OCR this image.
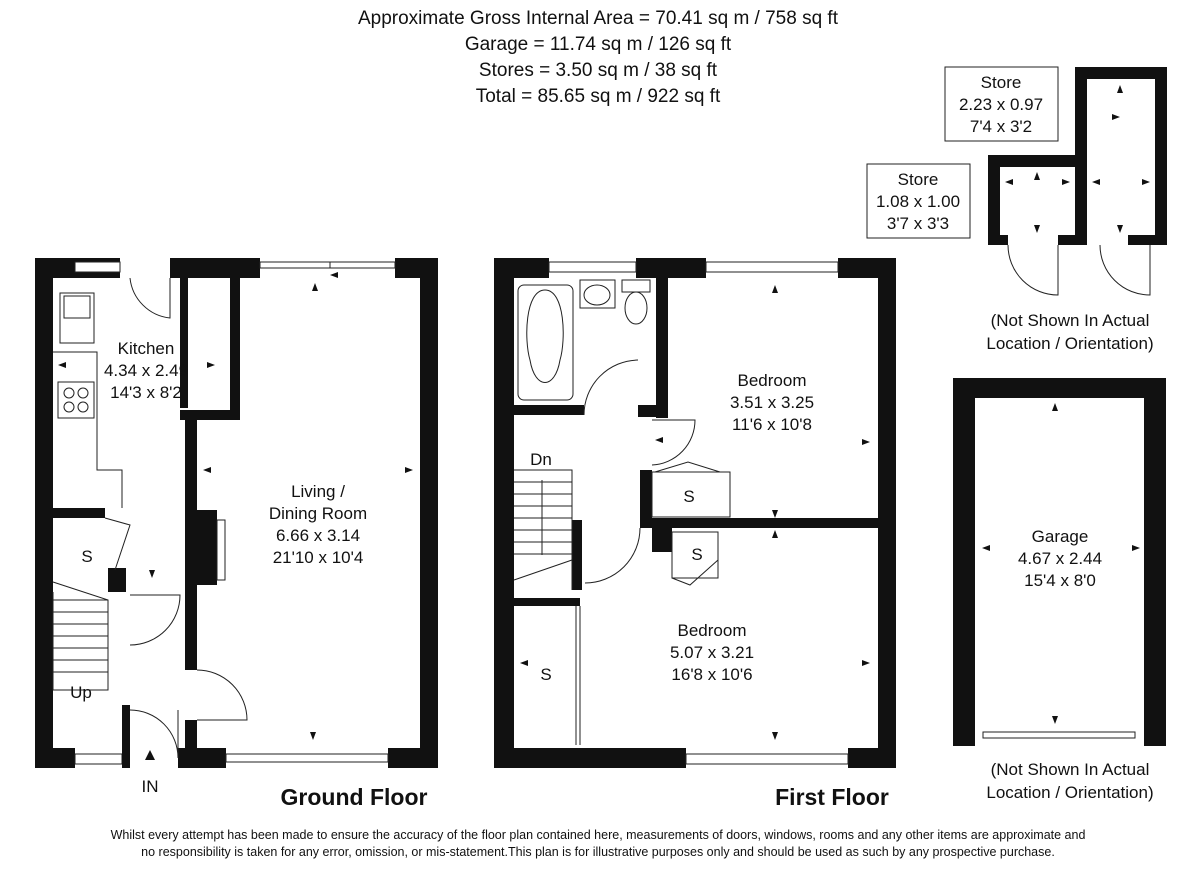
Approximate Gross Internal Area = 70.41 sq m / 758 sq ft
Garage = 11.74 sq m / 126 sq ft
Stores = 3.50 sq m / 38 sq ft
Total = 85.65 sq m / 922 sq ft
Kitchen
4.34 x 2.49
14'3 x 8'2
Living /
Dining Room
6.66 x 3.14
21'10 x 10'4
S
Up
IN	Ground Floor
Bedroom
3.51 x 3.25
11'6 x 10'8
Bedroom
5.07 x 3.21
16'8 x 10'6
Dn
S
S
S
First Floor
Store
2.23 x 0.97
7'4 x 3'2
Store
1.08 x 1.00
3'7 x 3'3
(Not Shown In Actual
Location / Orientation)
Garage
4.67 x 2.44
15'4 x 8'0
(Not Shown In Actual
Location / Orientation)
Whilst every attempt has been made to ensure the accuracy of the floor plan contained here, measurements of doors, windows, rooms and any other items are approximate and
no responsibility is taken for any error, omission, or mis-statement.This plan is for illustrative purposes only and should be used as such by any prospective purchase.
